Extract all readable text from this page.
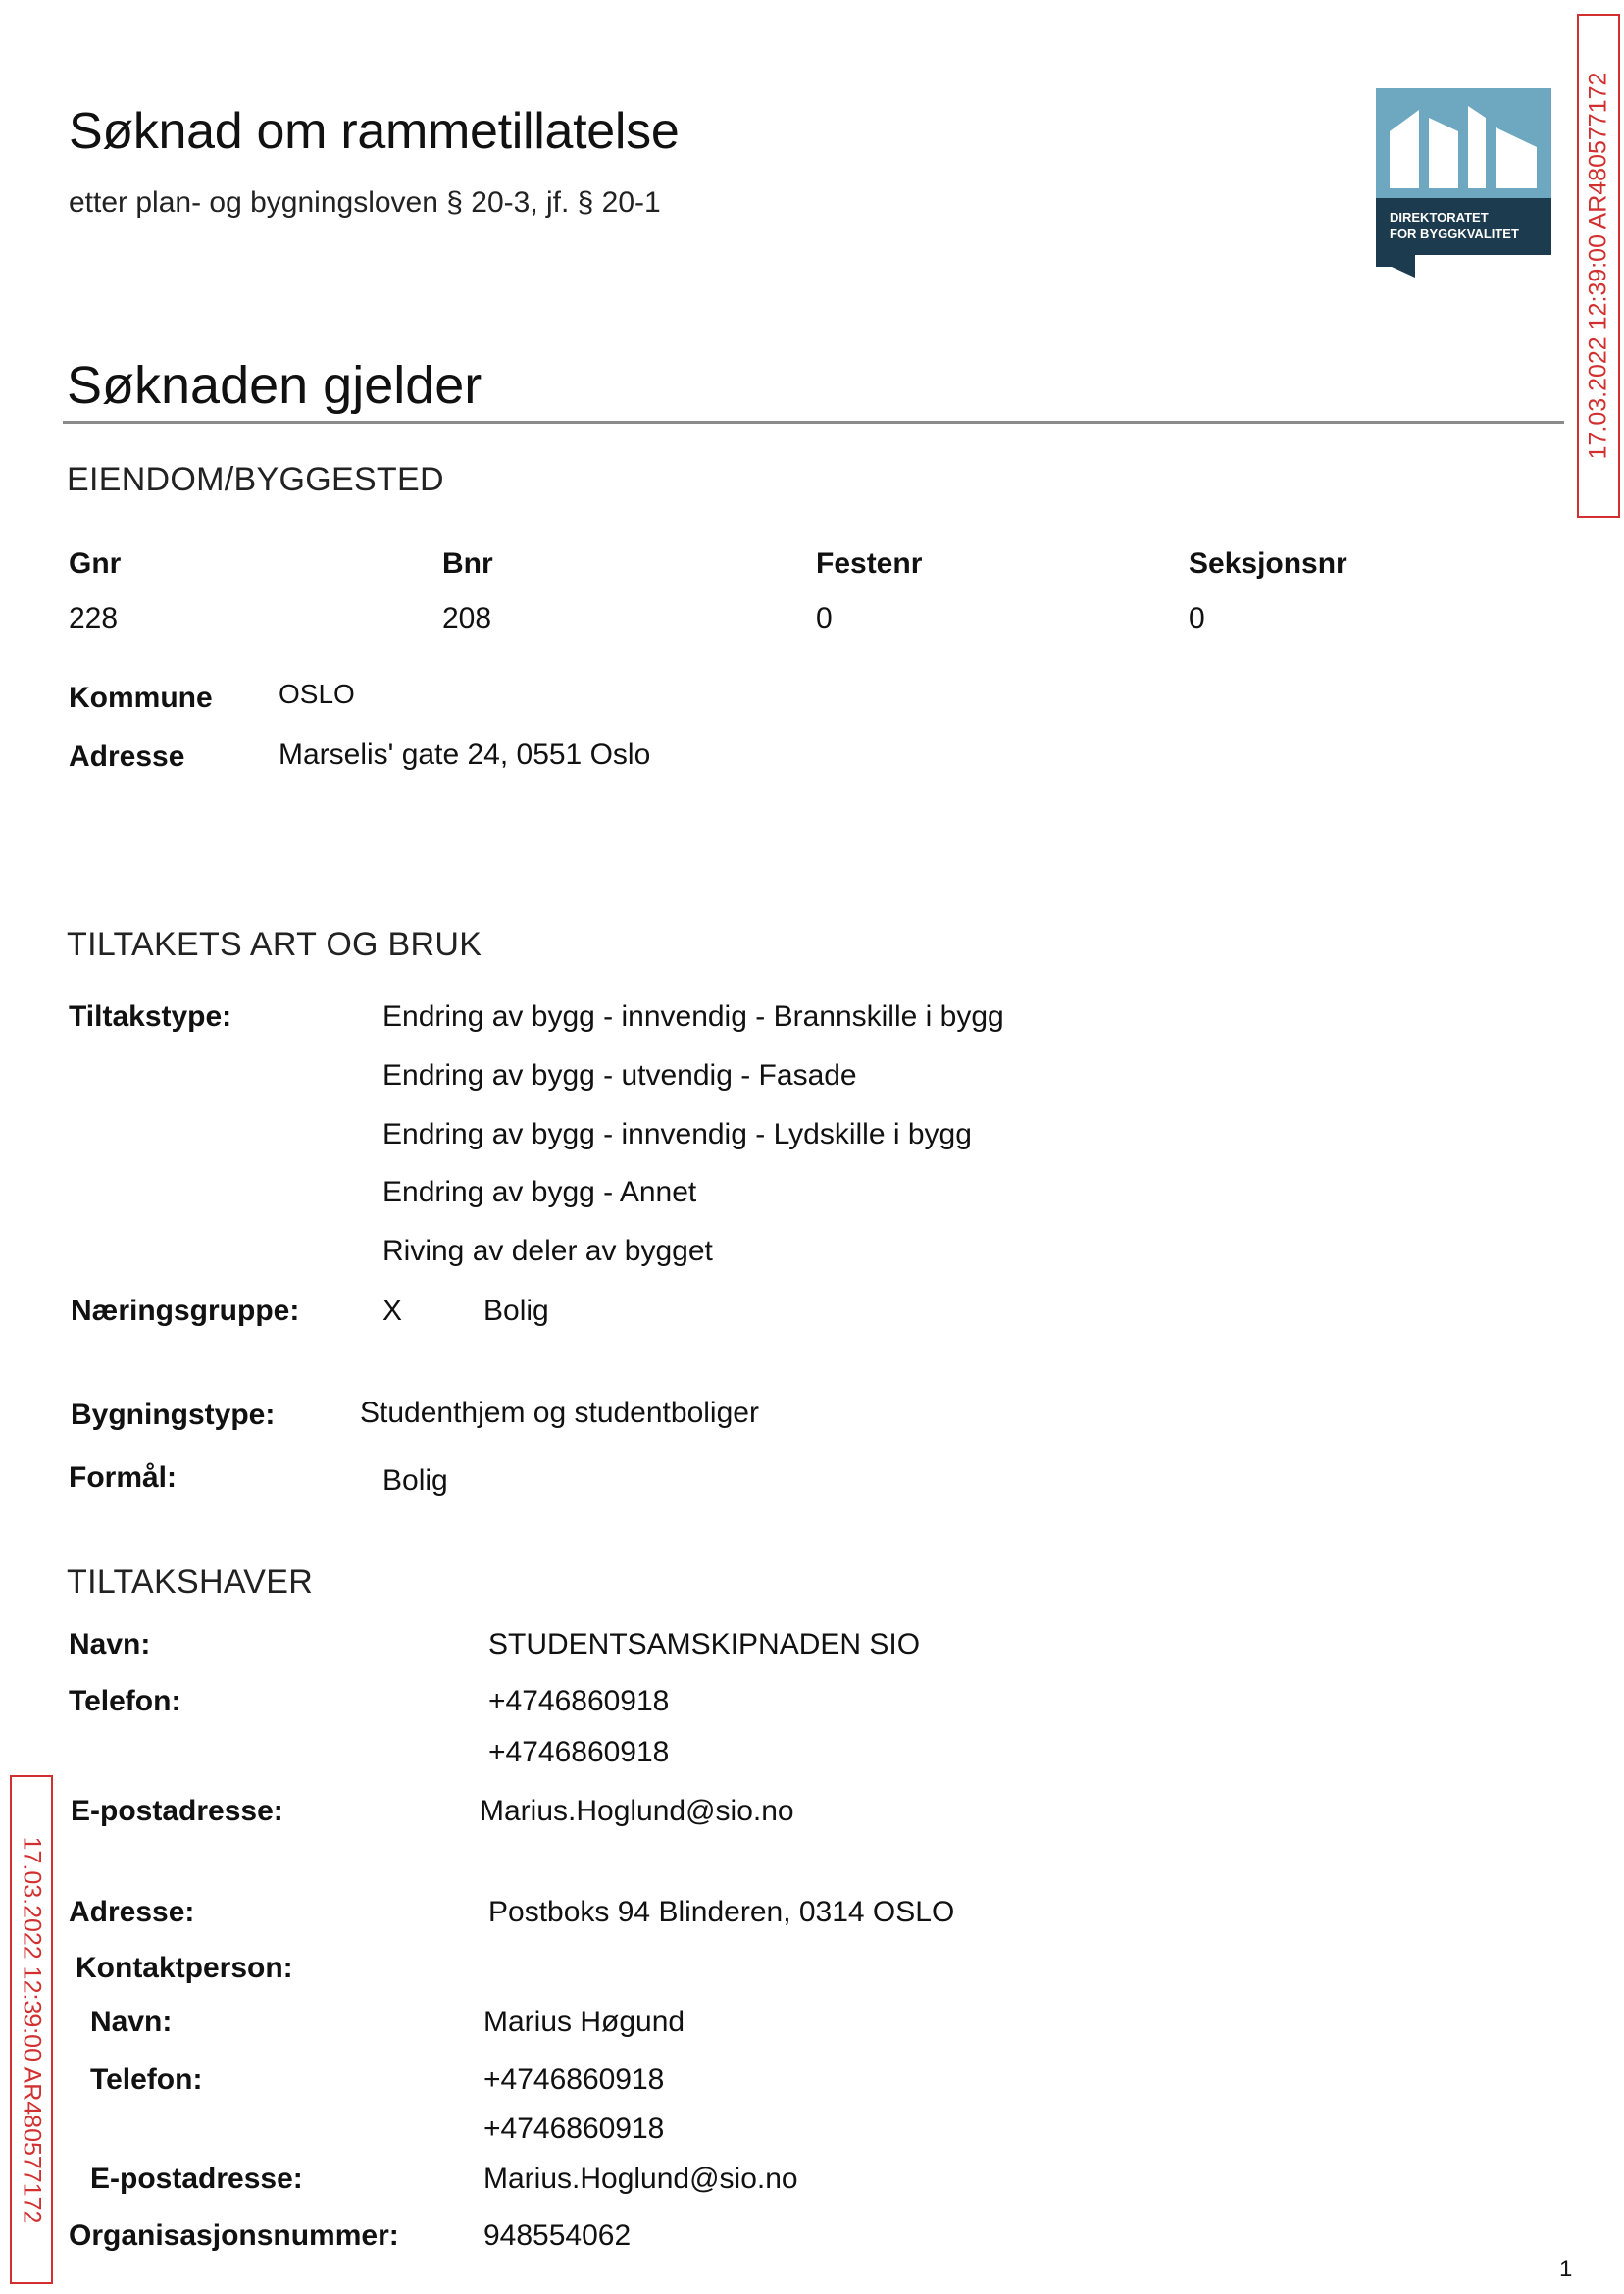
Søknad om rammetillatelse
etter plan- og bygningsloven § 20-3, jf. § 20-1	DIREKTORATET
FOR BYGGKVALITET	17.03.2022 12:39:00 AR480577172
Søknaden gjelder
EIENDOM/BYGGESTED
Gnr	Bnr	Festenr	Seksjonsnr
228	208	0	0
Kommune OSLO
Adresse	Marselis' gate 24, 0551 Oslo
TILTAKETS ART OG BRUK
Tiltakstype:	Endring av bygg - innvendig - Brannskille i bygg
Endring av bygg - utvendig - Fasade
Endring av bygg - innvendig - Lydskille i bygg
Endring av bygg - Annet
Riving av deler av bygget
Næringsgruppe:	X	Bolig
Bygningstype:	Studenthjem og studentboliger
Formål:	Bolig
TILTAKSHAVER
Navn:	STUDENTSAMSKIPNADEN SIO
Telefon:	+4746860918
+4746860918
E-postadresse:	Marius.Hoglund@sio.no
Adresse:	Postboks 94 Blinderen, 0314 OSLO
Kontaktperson:
Navn:	Marius Høgund
Telefon:	+4746860918
+4746860918
E-postadresse:	Marius.Hoglund@sio.no
Organisasjonsnummer:	948554062
17.03.2022 12:39:00 AR480577172
1
